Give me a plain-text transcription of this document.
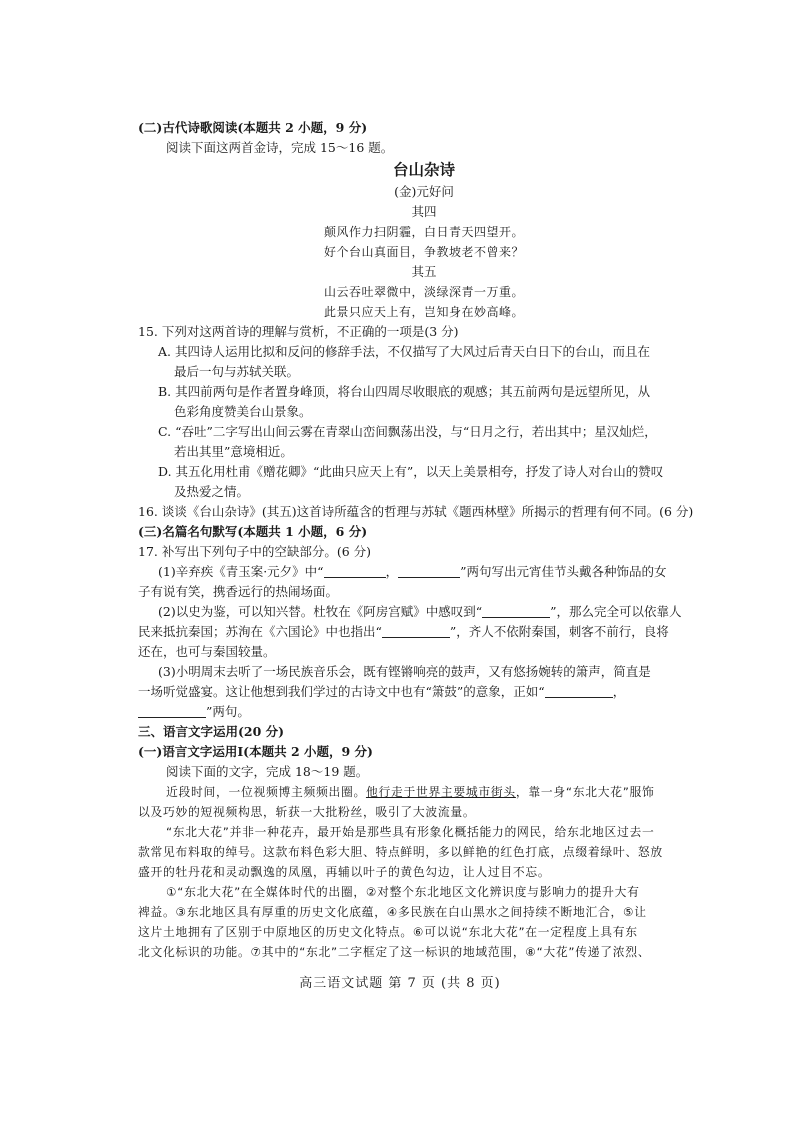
(二)古代诗歌阅读(本题共 2 小题，9 分)
阅读下面这两首金诗，完成 15～16 题。
台山杂诗
(金)元好问
其四
颠风作力扫阴霾，白日青天四望开。
好个台山真面目，争教坡老不曾来？
其五
山云吞吐翠微中，淡绿深青一万重。
此景只应天上有，岂知身在妙高峰。
15. 下列对这两首诗的理解与赏析，不正确的一项是(3 分)
A. 其四诗人运用比拟和反问的修辞手法，不仅描写了大风过后青天白日下的台山，而且在
最后一句与苏轼关联。
B. 其四前两句是作者置身峰顶，将台山四周尽收眼底的观感；其五前两句是远望所见，从
色彩角度赞美台山景象。
C. “吞吐”二字写出山间云雾在青翠山峦间飘荡出没，与“日月之行，若出其中；星汉灿烂，
若出其里”意境相近。
D. 其五化用杜甫《赠花卿》“此曲只应天上有”，以天上美景相夸，抒发了诗人对台山的赞叹
及热爱之情。
16. 谈谈《台山杂诗》(其五)这首诗所蕴含的哲理与苏轼《题西林壁》所揭示的哲理有何不同。(6 分)
(三)名篇名句默写(本题共 1 小题，6 分)
17. 补写出下列句子中的空缺部分。(6 分)
(1)辛弃疾《青玉案·元夕》中“	，	”两句写出元宵佳节头戴各种饰品的女
子有说有笑，携香远行的热闹场面。
(2)以史为鉴，可以知兴替。杜牧在《阿房宫赋》中感叹到“	”，那么完全可以依靠人
民来抵抗秦国；苏洵在《六国论》中也指出“	”，齐人不依附秦国，刺客不前行，良将
还在，也可与秦国较量。
(3)小明周末去听了一场民族音乐会，既有铿锵响亮的鼓声，又有悠扬婉转的箫声，简直是
一场听觉盛宴。这让他想到我们学过的古诗文中也有“箫鼓”的意象，正如“	，
”两句。
三、语言文字运用(20 分)
(一)语言文字运用Ⅰ(本题共 2 小题，9 分)
阅读下面的文字，完成 18～19 题。
近段时间，一位视频博主频频出圈。他行走于世界主要城市街头，靠一身“东北大花”服饰
以及巧妙的短视频构思，斩获一大批粉丝，吸引了大波流量。
“东北大花”并非一种花卉，最开始是那些具有形象化概括能力的网民，给东北地区过去一
款常见布料取的绰号。这款布料色彩大胆、特点鲜明，多以鲜艳的红色打底，点缀着绿叶、怒放
盛开的牡丹花和灵动飘逸的凤凰，再辅以叶子的黄色勾边，让人过目不忘。
①“东北大花”在全媒体时代的出圈，②对整个东北地区文化辨识度与影响力的提升大有
裨益。③东北地区具有厚重的历史文化底蕴，④多民族在白山黑水之间持续不断地汇合，⑤让
这片土地拥有了区别于中原地区的历史文化特点。⑥可以说“东北大花”在一定程度上具有东
北文化标识的功能。⑦其中的“东北”二字框定了这一标识的地域范围，⑧“大花”传递了浓烈、
高三语文试题 第 7 页 (共 8 页)
